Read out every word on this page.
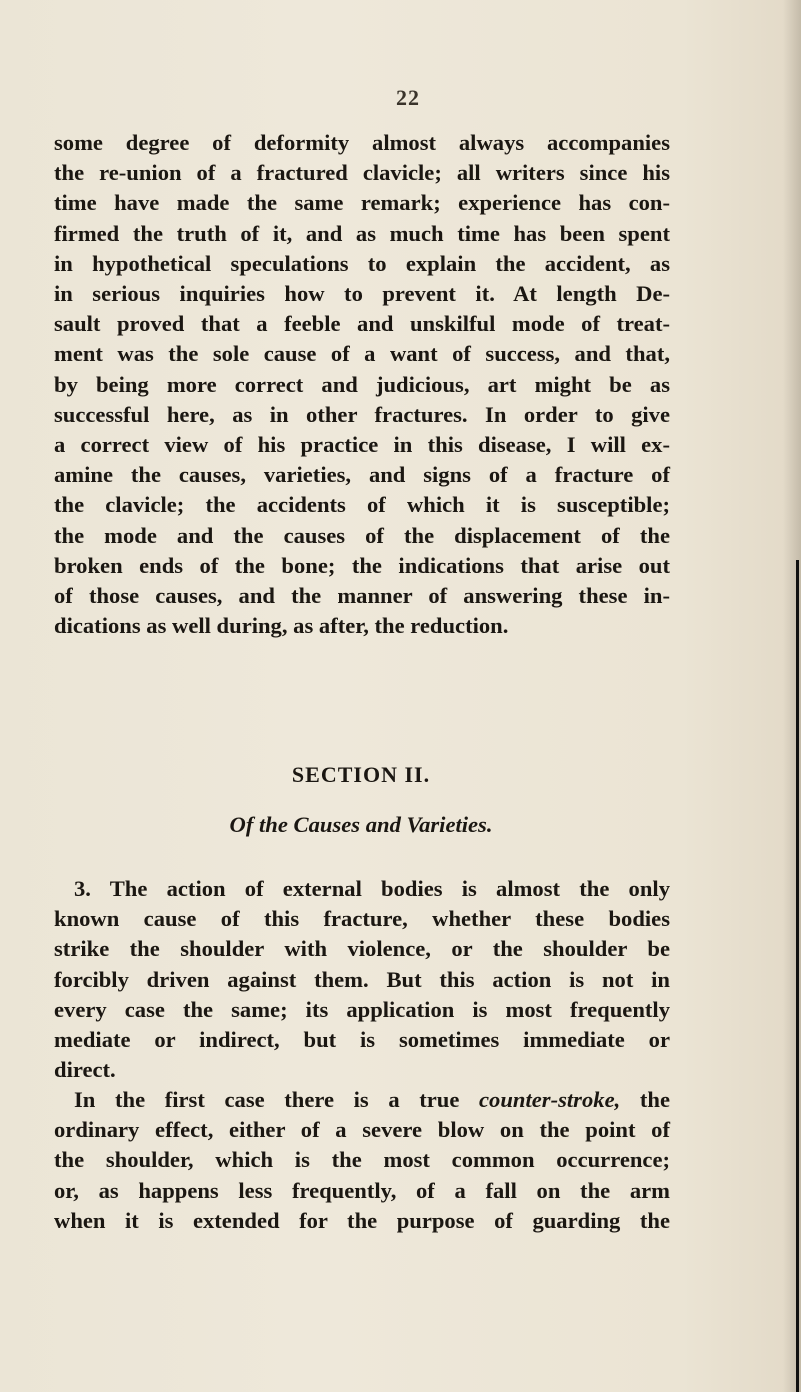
22
some degree of deformity almost always accompanies
the re-union of a fractured clavicle; all writers since his
time have made the same remark; experience has con-
firmed the truth of it, and as much time has been spent
in hypothetical speculations to explain the accident, as
in serious inquiries how to prevent it. At length De-
sault proved that a feeble and unskilful mode of treat-
ment was the sole cause of a want of success, and that,
by being more correct and judicious, art might be as
successful here, as in other fractures. In order to give
a correct view of his practice in this disease, I will ex-
amine the causes, varieties, and signs of a fracture of
the clavicle; the accidents of which it is susceptible;
the mode and the causes of the displacement of the
broken ends of the bone; the indications that arise out
of those causes, and the manner of answering these in-
dications as well during, as after, the reduction.
SECTION II.
Of the Causes and Varieties.
3. The action of external bodies is almost the only
known cause of this fracture, whether these bodies
strike the shoulder with violence, or the shoulder be
forcibly driven against them. But this action is not in
every case the same; its application is most frequently
mediate or indirect, but is sometimes immediate or
direct.
In the first case there is a true counter-stroke, the
ordinary effect, either of a severe blow on the point of
the shoulder, which is the most common occurrence;
or, as happens less frequently, of a fall on the arm
when it is extended for the purpose of guarding the
